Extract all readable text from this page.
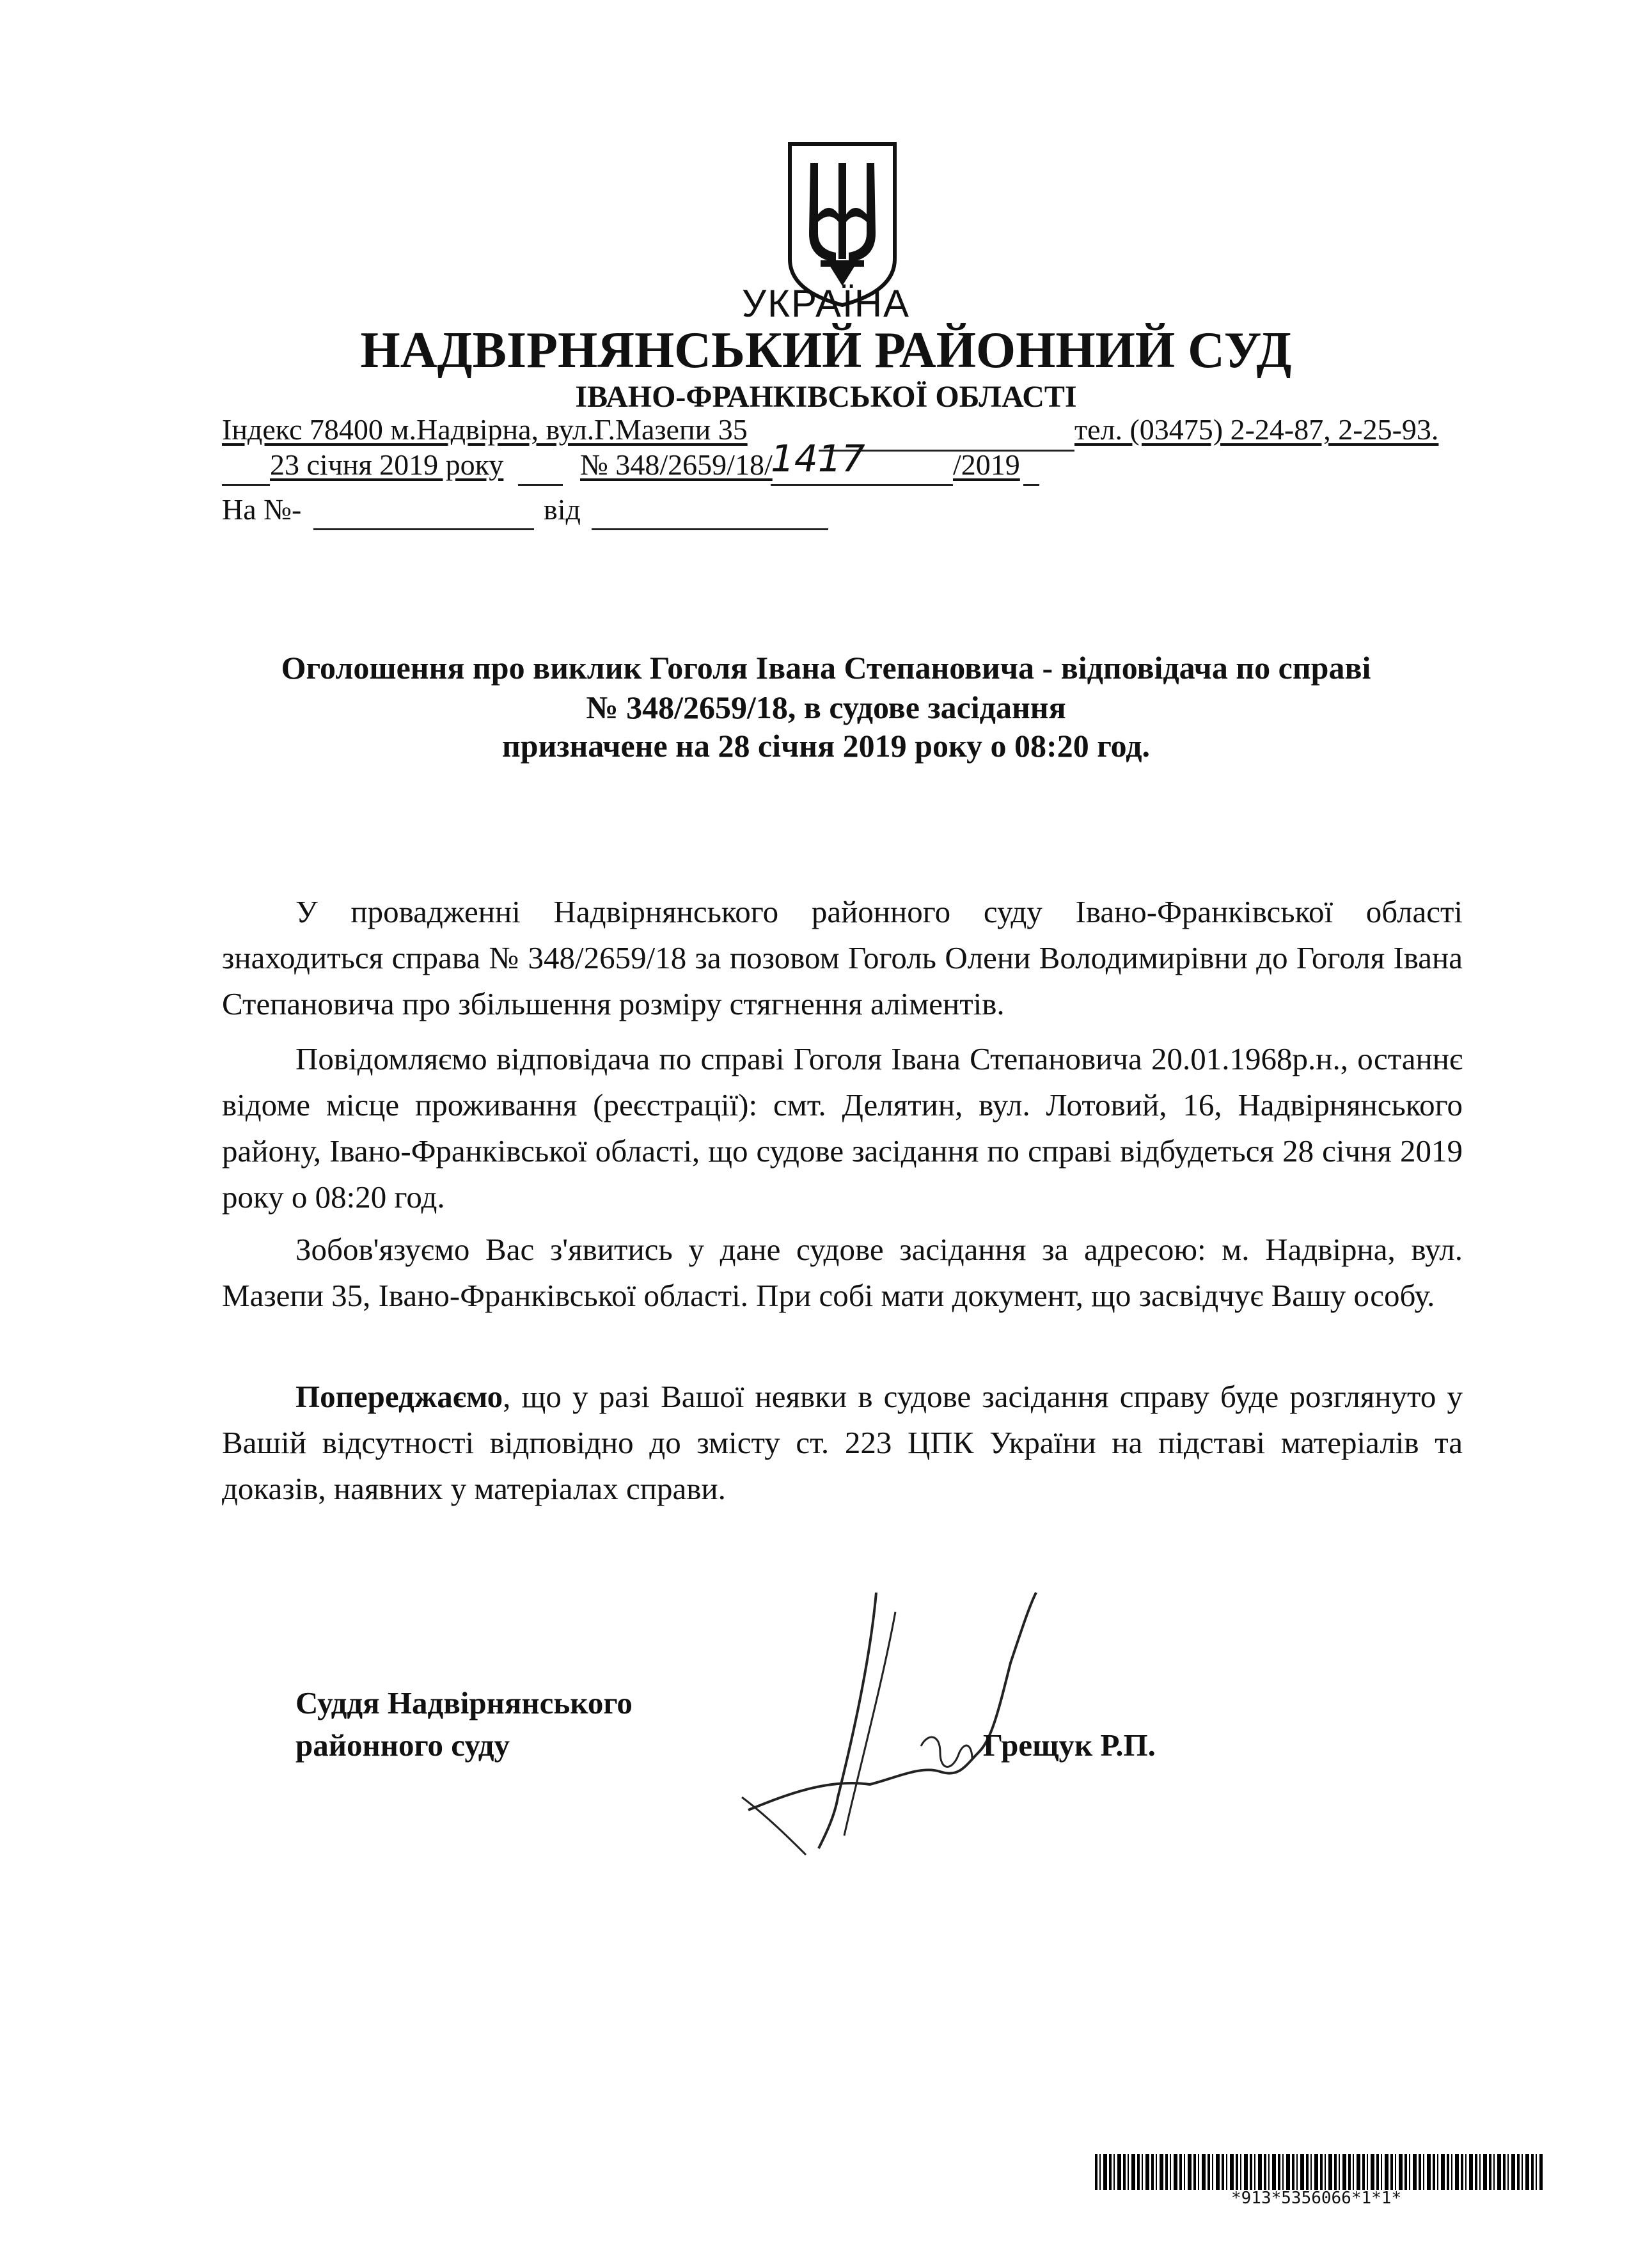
УКРАЇНА
НАДВІРНЯНСЬКИЙ РАЙОННИЙ СУД
ІВАНО-ФРАНКІВСЬКОЇ ОБЛАСТІ
Індекс 78400 м.Надвірна, вул.Г.Мазепи 35	тел. (03475) 2-24-87, 2-25-93.
23 січня 2019 року	№ 348/2659/18/
1417	/2019
На №-	від
Оголошення про виклик Гоголя Івана Степановича - відповідача по справі
№ 348/2659/18, в судове засідання
призначене на 28 січня 2019 року о 08:20 год.
У провадженні Надвірнянського районного суду Івано-Франківської області знаходиться справа № 348/2659/18 за позовом Гоголь Олени Володимирівни до Гоголя Івана Степановича про збільшення розміру стягнення аліментів.
Повідомляємо відповідача по справі Гоголя Івана Степановича 20.01.1968р.н., останнє відоме місце проживання (реєстрації): смт. Делятин, вул. Лотовий, 16, Надвірнянського району, Івано-Франківської області, що судове засідання по справі відбудеться 28 січня 2019 року о 08:20 год.
Зобов'язуємо Вас з'явитись у дане судове засідання за адресою: м. Надвірна, вул. Мазепи 35, Івано-Франківської області. При собі мати документ, що засвідчує Вашу особу.
Попереджаємо, що у разі Вашої неявки в судове засідання справу буде розглянуто у Вашій відсутності відповідно до змісту ст. 223 ЦПК України на підставі матеріалів та доказів, наявних у матеріалах справи.
Суддя Надвірнянського
районного суду	Грещук Р.П.
*913*5356066*1*1*
